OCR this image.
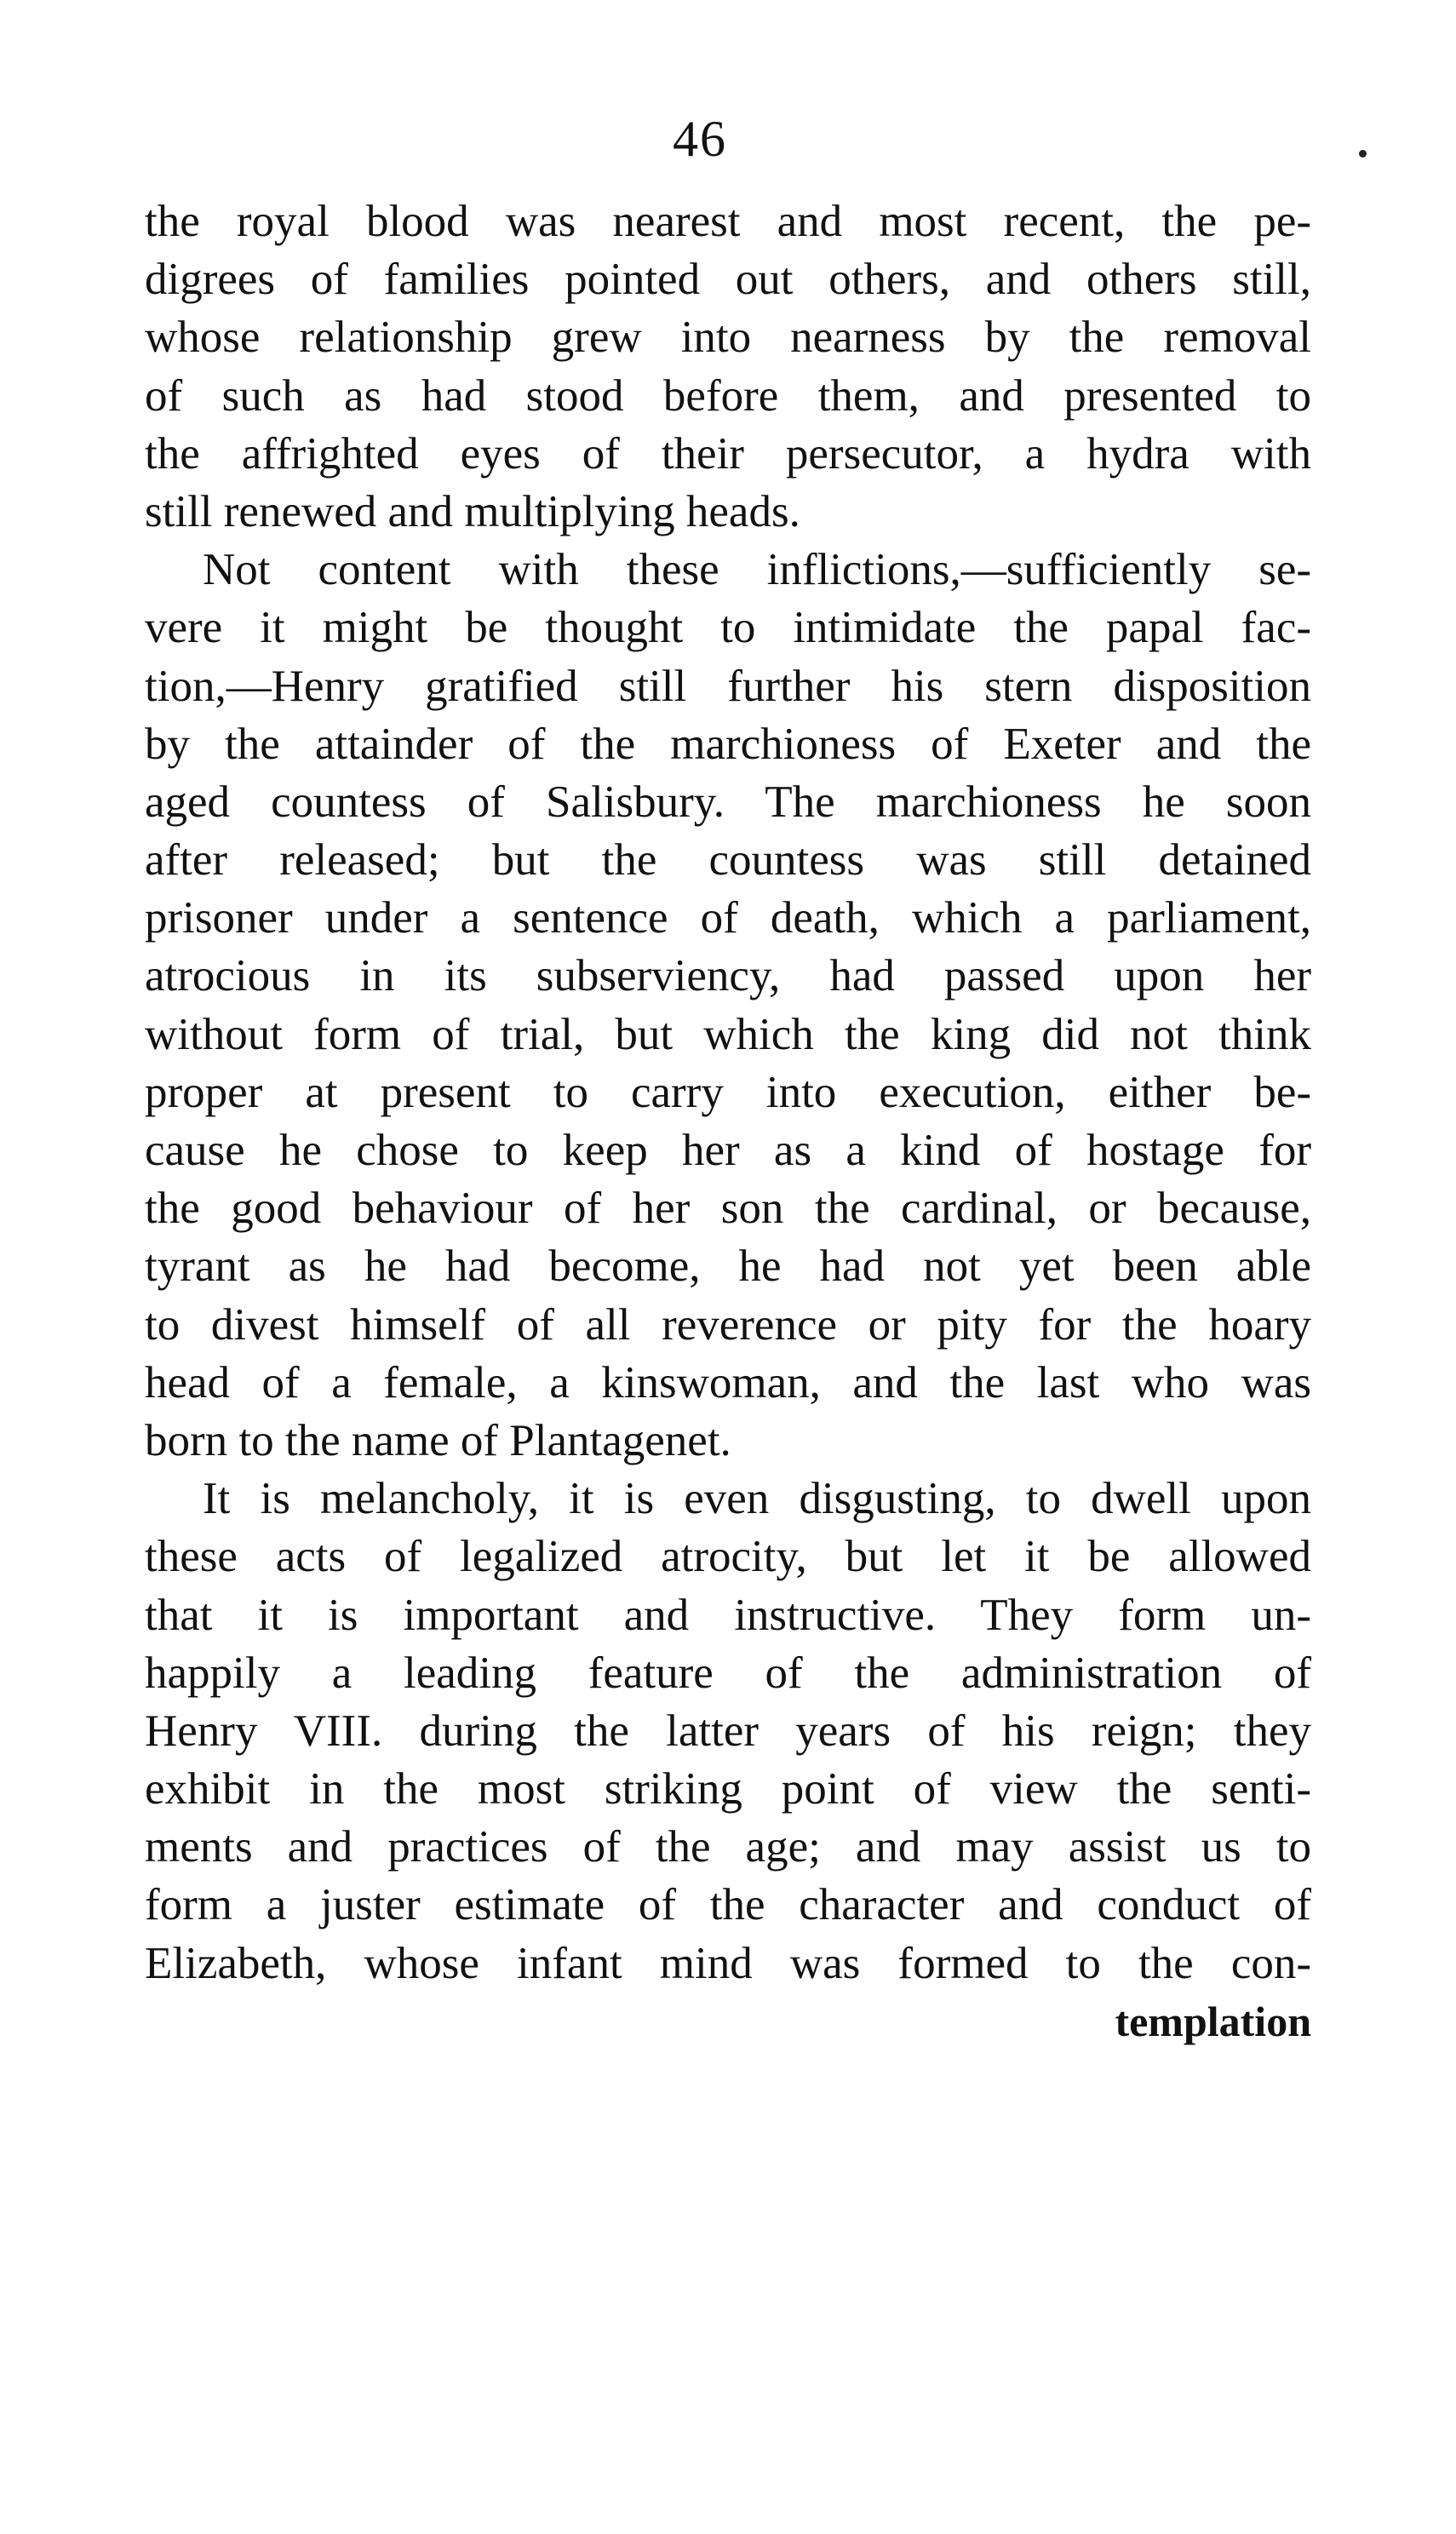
46
the royal blood was nearest and most recent, the pe-
digrees of families pointed out others, and others still,
whose relationship grew into nearness by the removal
of such as had stood before them, and presented to
the affrighted eyes of their persecutor, a hydra with
still renewed and multiplying heads.
Not content with these inflictions,—sufficiently se-
vere it might be thought to intimidate the papal fac-
tion,—Henry gratified still further his stern disposition
by the attainder of the marchioness of Exeter and the
aged countess of Salisbury. The marchioness he soon
after released; but the countess was still detained
prisoner under a sentence of death, which a parliament,
atrocious in its subserviency, had passed upon her
without form of trial, but which the king did not think
proper at present to carry into execution, either be-
cause he chose to keep her as a kind of hostage for
the good behaviour of her son the cardinal, or because,
tyrant as he had become, he had not yet been able
to divest himself of all reverence or pity for the hoary
head of a female, a kinswoman, and the last who was
born to the name of Plantagenet.
It is melancholy, it is even disgusting, to dwell upon
these acts of legalized atrocity, but let it be allowed
that it is important and instructive. They form un-
happily a leading feature of the administration of
Henry VIII. during the latter years of his reign; they
exhibit in the most striking point of view the senti-
ments and practices of the age; and may assist us to
form a juster estimate of the character and conduct of
Elizabeth, whose infant mind was formed to the con-
templation
